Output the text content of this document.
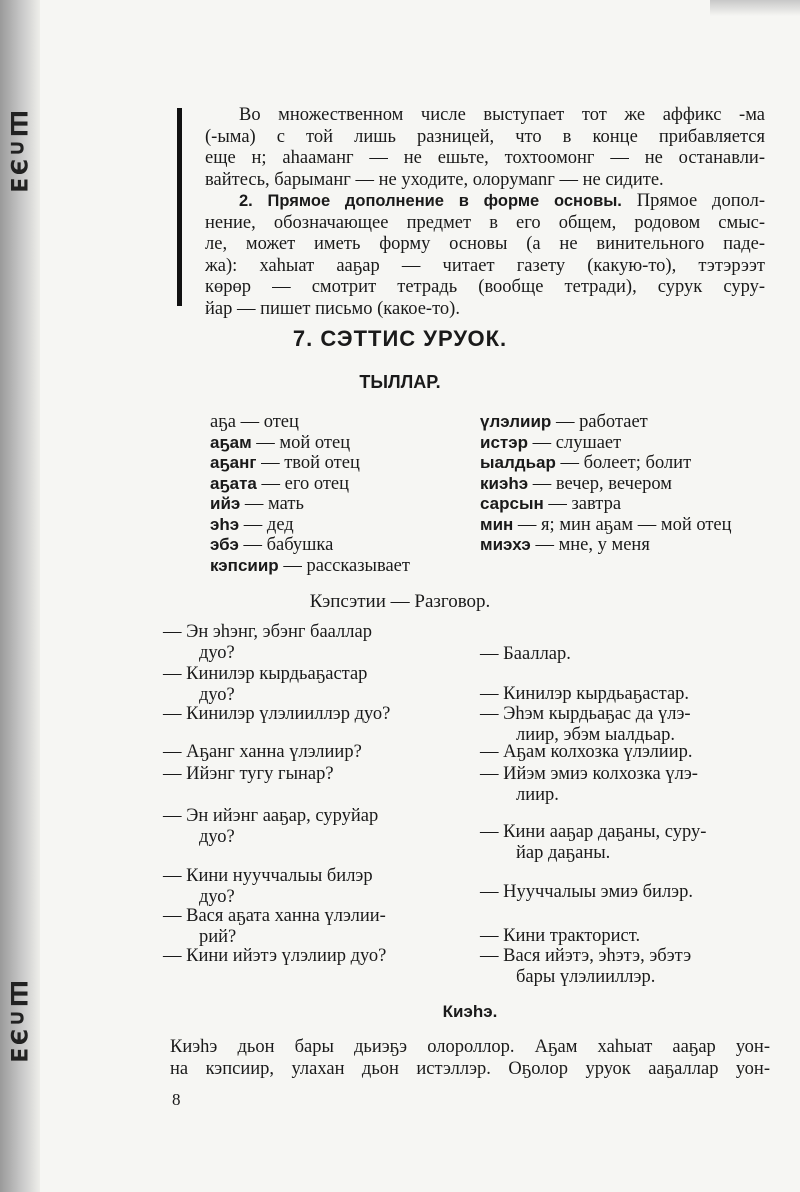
Ш∩ЭƎ
Ш∩ЭƎ
Во множественном числе выступает тот же аффикс -ма
(-ыма) с той лишь разницей, что в конце прибавляется
еще н; аhааманг — не ешьте, тохтоомонг — не останавли-
вайтесь, барыманг — не уходите, олорумаnг — не сидите.
2. Прямое дополнение в форме основы. Прямое допол-
нение, обозначающее предмет в его общем, родовом смыс-
ле, может иметь форму основы (а не винительного паде-
жа): хаhыат ааҕар — читает газету (какую-то), тэтэрээт
көрөр — смотрит тетрадь (вообще тетради), сурук суру-
йар — пишет письмо (какое-то).
7. СЭТТИС УРУОК.
ТЫЛЛАР.
аҕа — отец
аҕам — мой отец
аҕанг — твой отец
аҕата — его отец
ийэ — мать
эhэ — дед
эбэ — бабушка
кэпсиир — рассказывает
үлэлиир — работает
истэр — слушает
ыалдьар — болеет; болит
киэhэ — вечер, вечером
сарсын — завтра
мин — я; мин аҕам — мой отец
миэхэ — мне, у меня
Кэпсэтии — Разговор.
— Эн эhэнг, эбэнг бааллар
дуо?
— Кинилэр кырдьаҕастар
дуо?
— Кинилэр үлэлииллэр дуо?
— Аҕанг ханна үлэлиир?
— Ийэнг тугу гынар?
— Эн ийэнг ааҕар, суруйар
дуо?
— Кини нууччалыы билэр
дуо?
— Вася аҕата ханна үлэлии-
рий?
— Кини ийэтэ үлэлиир дуо?
— Бааллар.
— Кинилэр кырдьаҕастар.
— Эhэм кырдьаҕас да үлэ-
лиир, эбэм ыалдьар.
— Аҕам колхозка үлэлиир.
— Ийэм эмиэ колхозка үлэ-
лиир.
— Кини ааҕар даҕаны, суру-
йар даҕаны.
— Нууччалыы эмиэ билэр.
— Кини тракторист.
— Вася ийэтэ, эhэтэ, эбэтэ
бары үлэлииллэр.
Киэhэ.
Киэhэ дьон бары дьиэҕэ олороллор. Аҕам хаhыат ааҕар уон-
на кэпсиир, улахан дьон истэллэр. Оҕолор уруок ааҕаллар уон-
8
